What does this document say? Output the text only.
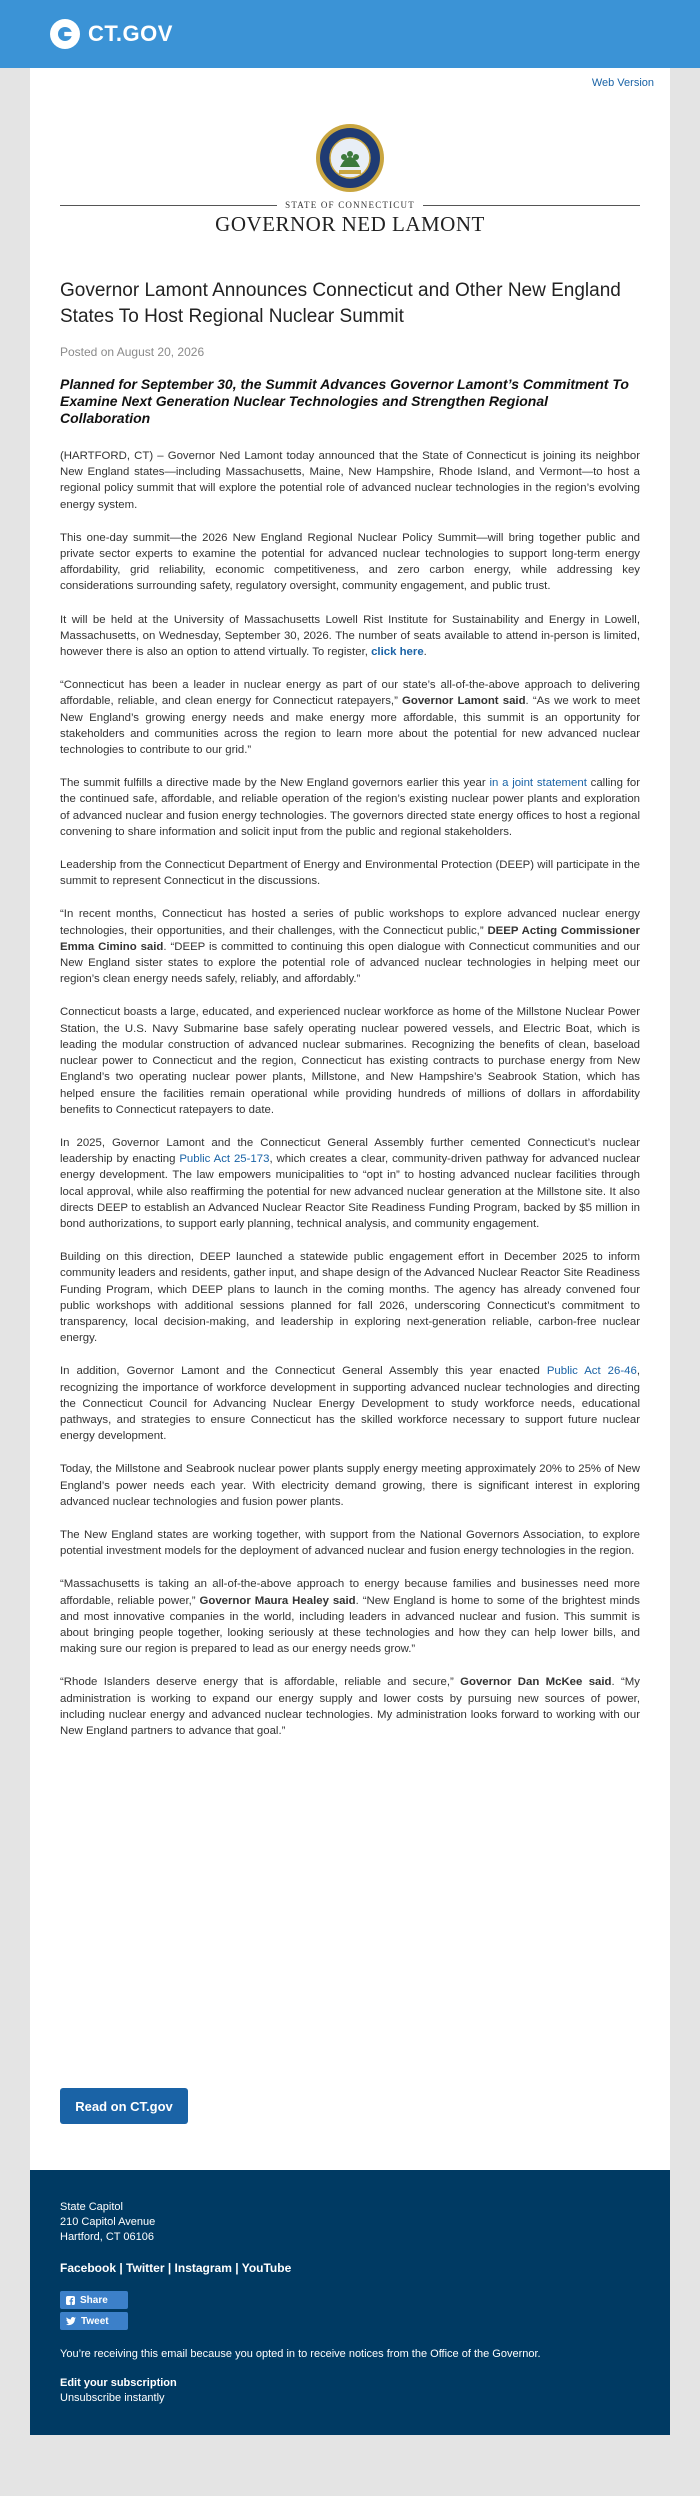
CT.GOV
Web Version
STATE OF CONNECTICUT
GOVERNOR NED LAMONT
Governor Lamont Announces Connecticut and Other New England States To Host Regional Nuclear Summit
Posted on August 20, 2026
Planned for September 30, the Summit Advances Governor Lamont’s Commitment To Examine Next Generation Nuclear Technologies and Strengthen Regional Collaboration

(HARTFORD, CT) – Governor Ned Lamont today announced that the State of Connecticut is joining its neighbor New England states—including Massachusetts, Maine, New Hampshire, Rhode Island, and Vermont—to host a regional policy summit that will explore the potential role of advanced nuclear technologies in the region’s evolving energy system.

This one-day summit—the 2026 New England Regional Nuclear Policy Summit—will bring together public and private sector experts to examine the potential for advanced nuclear technologies to support long-term energy affordability, grid reliability, economic competitiveness, and zero carbon energy, while addressing key considerations surrounding safety, regulatory oversight, community engagement, and public trust.

It will be held at the University of Massachusetts Lowell Rist Institute for Sustainability and Energy in Lowell, Massachusetts, on Wednesday, September 30, 2026. The number of seats available to attend in-person is limited, however there is also an option to attend virtually. To register, click here.

“Connecticut has been a leader in nuclear energy as part of our state’s all-of-the-above approach to delivering affordable, reliable, and clean energy for Connecticut ratepayers,” Governor Lamont said. “As we work to meet New England’s growing energy needs and make energy more affordable, this summit is an opportunity for stakeholders and communities across the region to learn more about the potential for new advanced nuclear technologies to contribute to our grid.”

The summit fulfills a directive made by the New England governors earlier this year in a joint statement calling for the continued safe, affordable, and reliable operation of the region’s existing nuclear power plants and exploration of advanced nuclear and fusion energy technologies. The governors directed state energy offices to host a regional convening to share information and solicit input from the public and regional stakeholders.

Leadership from the Connecticut Department of Energy and Environmental Protection (DEEP) will participate in the summit to represent Connecticut in the discussions.

“In recent months, Connecticut has hosted a series of public workshops to explore advanced nuclear energy technologies, their opportunities, and their challenges, with the Connecticut public,” DEEP Acting Commissioner Emma Cimino said. “DEEP is committed to continuing this open dialogue with Connecticut communities and our New England sister states to explore the potential role of advanced nuclear technologies in helping meet our region’s clean energy needs safely, reliably, and affordably.”

Connecticut boasts a large, educated, and experienced nuclear workforce as home of the Millstone Nuclear Power Station, the U.S. Navy Submarine base safely operating nuclear powered vessels, and Electric Boat, which is leading the modular construction of advanced nuclear submarines. Recognizing the benefits of clean, baseload nuclear power to Connecticut and the region, Connecticut has existing contracts to purchase energy from New England’s two operating nuclear power plants, Millstone, and New Hampshire’s Seabrook Station, which has helped ensure the facilities remain operational while providing hundreds of millions of dollars in affordability benefits to Connecticut ratepayers to date.

In 2025, Governor Lamont and the Connecticut General Assembly further cemented Connecticut’s nuclear leadership by enacting Public Act 25-173, which creates a clear, community-driven pathway for advanced nuclear energy development. The law empowers municipalities to “opt in” to hosting advanced nuclear facilities through local approval, while also reaffirming the potential for new advanced nuclear generation at the Millstone site. It also directs DEEP to establish an Advanced Nuclear Reactor Site Readiness Funding Program, backed by $5 million in bond authorizations, to support early planning, technical analysis, and community engagement.

Building on this direction, DEEP launched a statewide public engagement effort in December 2025 to inform community leaders and residents, gather input, and shape design of the Advanced Nuclear Reactor Site Readiness Funding Program, which DEEP plans to launch in the coming months. The agency has already convened four public workshops with additional sessions planned for fall 2026, underscoring Connecticut’s commitment to transparency, local decision-making, and leadership in exploring next-generation reliable, carbon-free nuclear energy.

In addition, Governor Lamont and the Connecticut General Assembly this year enacted Public Act 26-46, recognizing the importance of workforce development in supporting advanced nuclear technologies and directing the Connecticut Council for Advancing Nuclear Energy Development to study workforce needs, educational pathways, and strategies to ensure Connecticut has the skilled workforce necessary to support future nuclear energy development.

Today, the Millstone and Seabrook nuclear power plants supply energy meeting approximately 20% to 25% of New England’s power needs each year. With electricity demand growing, there is significant interest in exploring advanced nuclear technologies and fusion power plants.

The New England states are working together, with support from the National Governors Association, to explore potential investment models for the deployment of advanced nuclear and fusion energy technologies in the region.

“Massachusetts is taking an all-of-the-above approach to energy because families and businesses need more affordable, reliable power,” Governor Maura Healey said. “New England is home to some of the brightest minds and most innovative companies in the world, including leaders in advanced nuclear and fusion. This summit is about bringing people together, looking seriously at these technologies and how they can help lower bills, and making sure our region is prepared to lead as our energy needs grow.”

“Rhode Islanders deserve energy that is affordable, reliable and secure,” Governor Dan McKee said. “My administration is working to expand our energy supply and lower costs by pursuing new sources of power, including nuclear energy and advanced nuclear technologies. My administration looks forward to working with our New England partners to advance that goal.”

Read on CT.gov
State Capitol
210 Capitol Avenue
Hartford, CT 06106
Facebook | Twitter | Instagram | YouTube
Share
Tweet
You’re receiving this email because you opted in to receive notices from the Office of the Governor.
Edit your subscription
Unsubscribe instantly
